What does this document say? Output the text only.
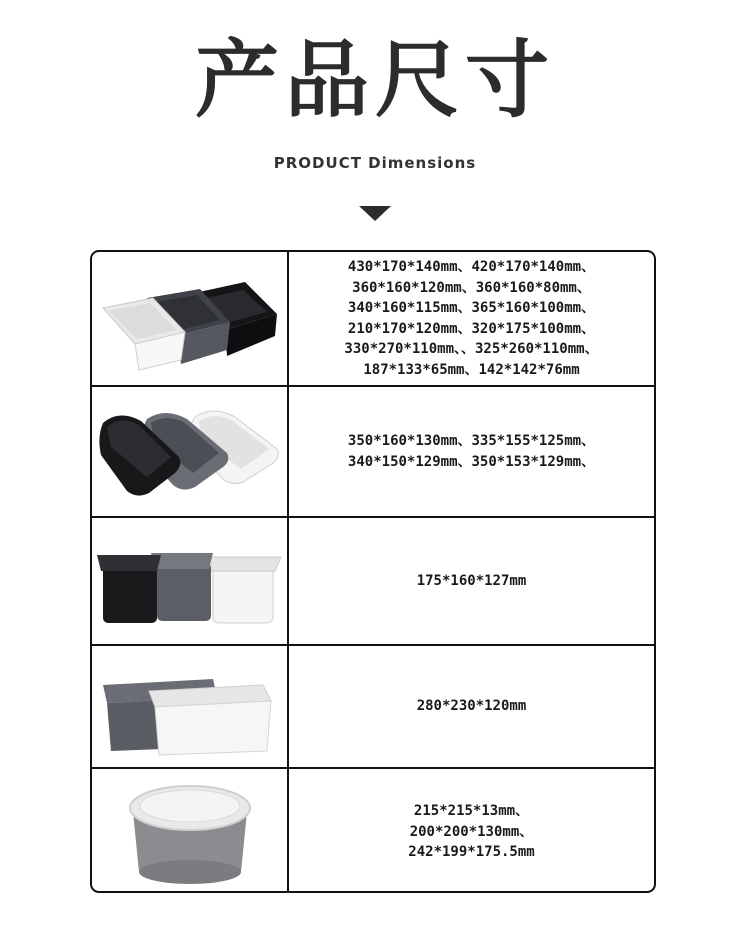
产品尺寸
PRODUCT Dimensions
430*170*140mm、420*170*140mm、
360*160*120mm、360*160*80mm、
340*160*115mm、365*160*100mm、
210*170*120mm、320*175*100mm、
330*270*110mm、、325*260*110mm、
187*133*65mm、142*142*76mm
350*160*130mm、335*155*125mm、
340*150*129mm、350*153*129mm、
175*160*127mm
280*230*120mm
215*215*13mm、
200*200*130mm、
242*199*175.5mm
